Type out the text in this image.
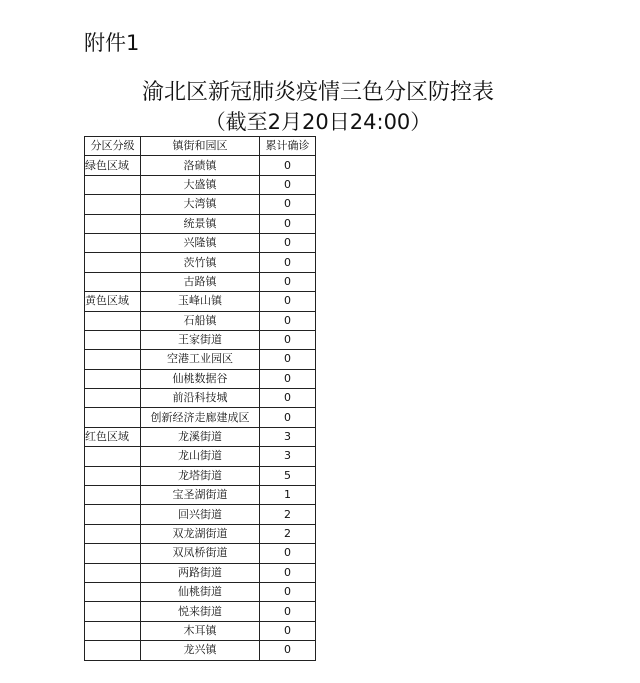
附件1
渝北区新冠肺炎疫情三色分区防控表
（截至2月20日24:00）
分区分级	镇街和园区	累计确诊
绿色区域	洛碛镇	0
	大盛镇	0
	大湾镇	0
	统景镇	0
	兴隆镇	0
	茨竹镇	0
	古路镇	0
黄色区域	玉峰山镇	0
	石船镇	0
	王家街道	0
	空港工业园区	0
	仙桃数据谷	0
	前沿科技城	0
	创新经济走廊建成区	0
红色区域	龙溪街道	3
	龙山街道	3
	龙塔街道	5
	宝圣湖街道	1
	回兴街道	2
	双龙湖街道	2
	双凤桥街道	0
	两路街道	0
	仙桃街道	0
	悦来街道	0
	木耳镇	0
	龙兴镇	0
